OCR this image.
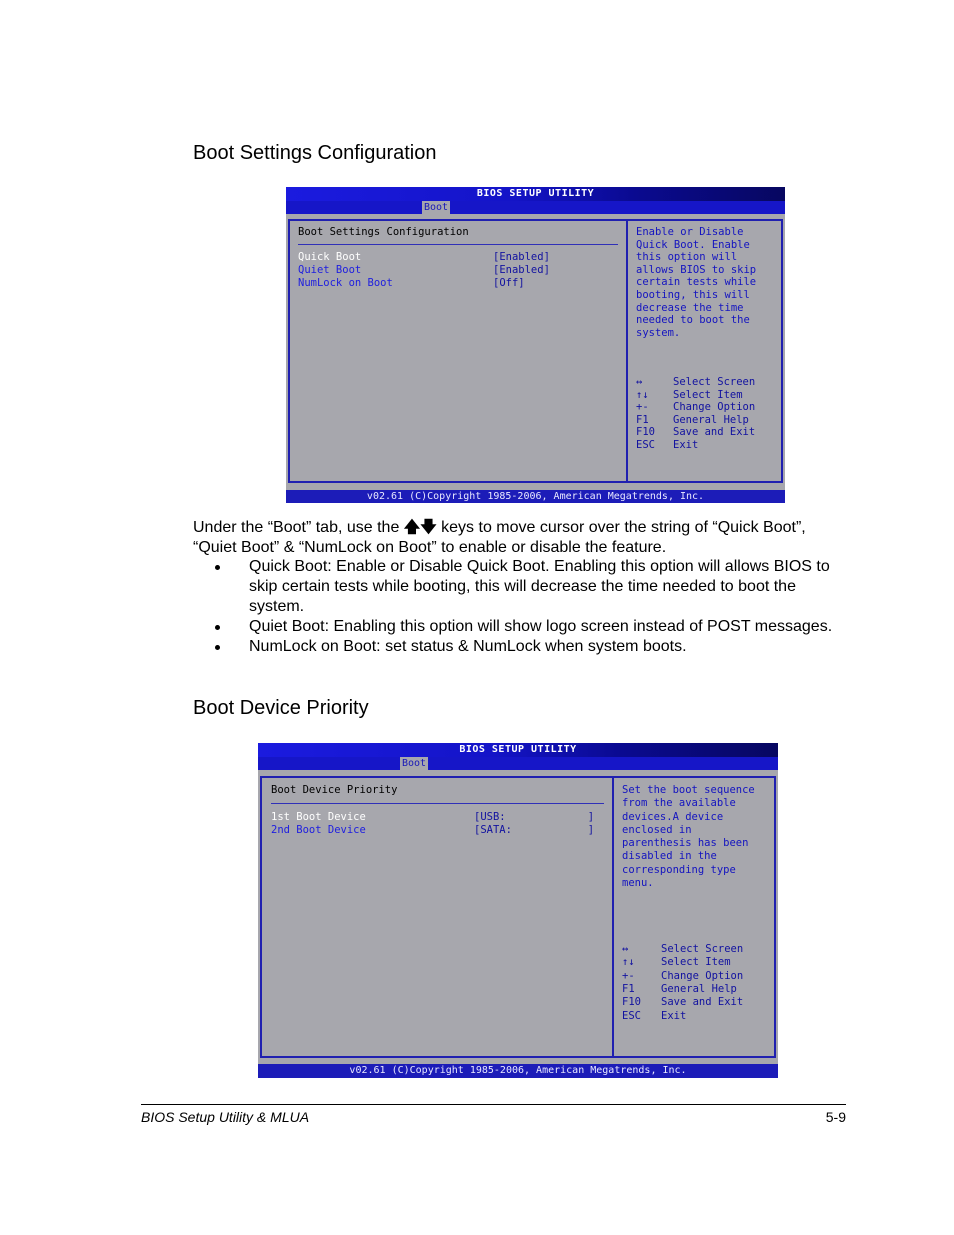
Boot Settings Configuration
BIOS SETUP UTILITY
Boot
Boot Settings Configuration
Quick Boot	[Enabled]
Quiet Boot	[Enabled]
NumLock on Boot	[Off]
Enable or Disable
Quick Boot. Enable
this option will
allows BIOS to skip
certain tests while
booting, this will
decrease the time
needed to boot the
system.
↔	Select Screen
↑↓	Select Item
+-	Change Option
F1	General Help
F10	Save and Exit
ESC	Exit
v02.61 (C)Copyright 1985-2006, American Megatrends, Inc.

Under the “Boot” tab, use the 🡅🡇 keys to move cursor over the string of “Quick Boot”, “Quiet Boot” & “NumLock on Boot” to enable or disable the feature.

Quick Boot: Enable or Disable Quick Boot. Enabling this option will allows BIOS to skip certain tests while booting, this will decrease the time needed to boot the system.
Quiet Boot: Enabling this option will show logo screen instead of POST messages.
NumLock on Boot: set status & NumLock when system boots.
Boot Device Priority
BIOS SETUP UTILITY
Boot
Boot Device Priority
1st Boot Device	[USB:             ]
2nd Boot Device	[SATA:            ]
Set the boot sequence
from the available
devices.A device
enclosed in
parenthesis has been
disabled in the
corresponding type
menu.
↔	Select Screen
↑↓	Select Item
+-	Change Option
F1	General Help
F10	Save and Exit
ESC	Exit
v02.61 (C)Copyright 1985-2006, American Megatrends, Inc.
BIOS Setup Utility & MLUA	5-9
